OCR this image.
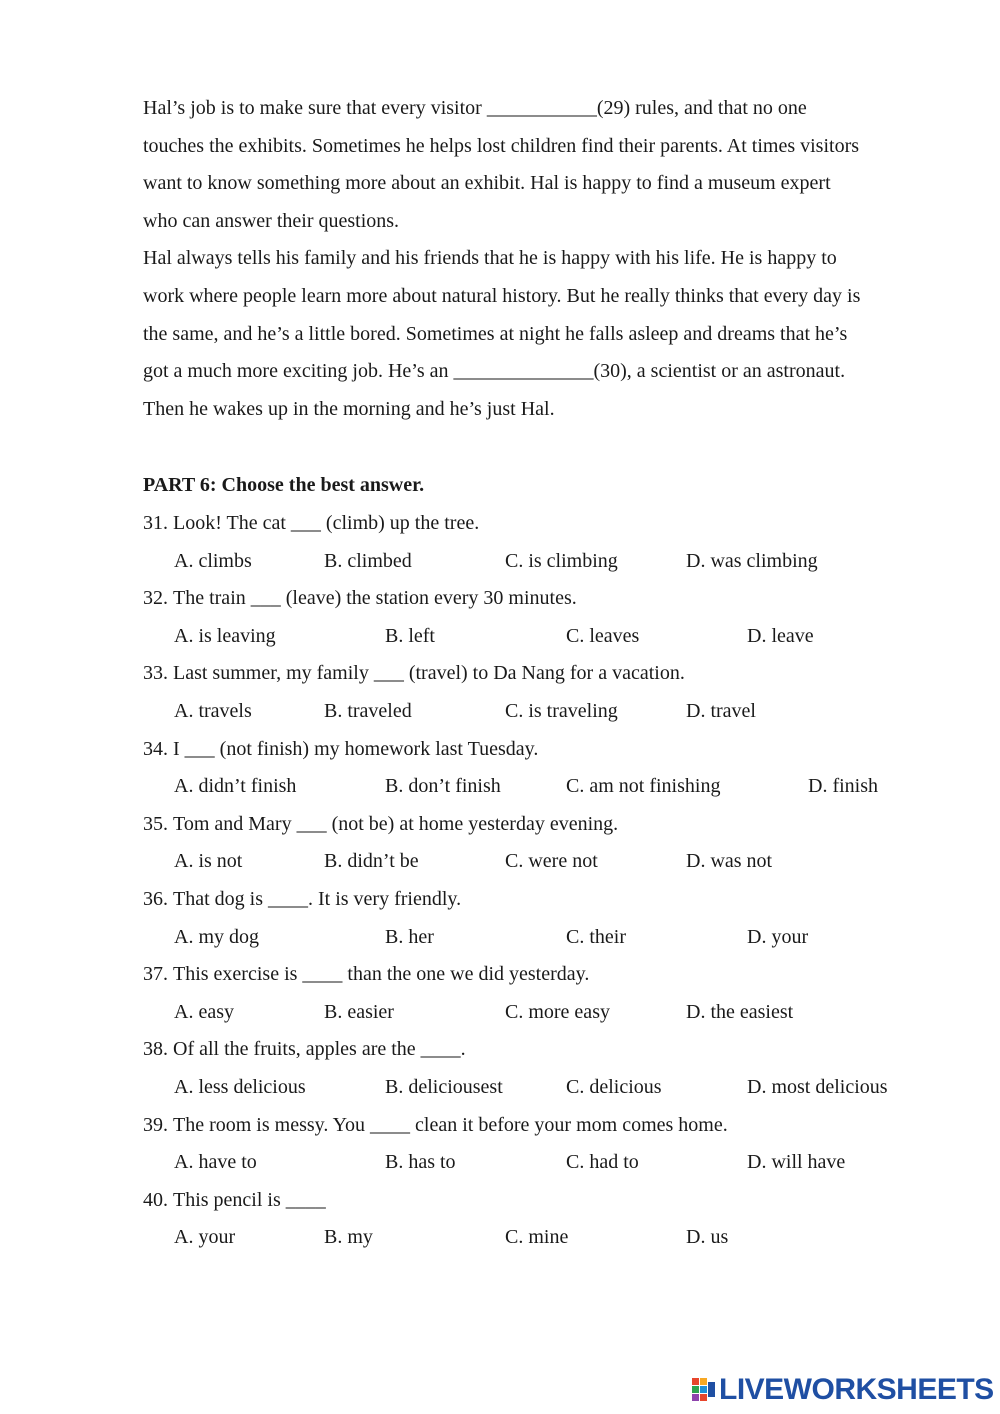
Hal’s job is to make sure that every visitor ___________(29) rules, and that no one
touches the exhibits. Sometimes he helps lost children find their parents. At times visitors
want to know something more about an exhibit. Hal is happy to find a museum expert
who can answer their questions.
Hal always tells his family and his friends that he is happy with his life. He is happy to
work where people learn more about natural history. But he really thinks that every day is
the same, and he’s a little bored. Sometimes at night he falls asleep and dreams that he’s
got a much more exciting job. He’s an ______________(30), a scientist or an astronaut.
Then he wakes up in the morning and he’s just Hal.
PART 6: Choose the best answer.
31. Look! The cat ___ (climb) up the tree.
A. climbs	B. climbed	C. is climbing	D. was climbing
32. The train ___ (leave) the station every 30 minutes.
A. is leaving	B. left	C. leaves	D. leave
33. Last summer, my family ___ (travel) to Da Nang for a vacation.
A. travels	B. traveled	C. is traveling	D. travel
34. I ___ (not finish) my homework last Tuesday.
A. didn’t finish	B. don’t finish	C. am not finishing	D. finish
35. Tom and Mary ___ (not be) at home yesterday evening.
A. is not	B. didn’t be	C. were not	D. was not
36. That dog is ____. It is very friendly.
A. my dog	B. her	C. their	D. your
37. This exercise is ____ than the one we did yesterday.
A. easy	B. easier	C. more easy	D. the easiest
38. Of all the fruits, apples are the ____.
A. less delicious	B. deliciousest	C. delicious	D. most delicious
39. The room is messy. You ____ clean it before your mom comes home.
A. have to	B. has to	C. had to	D. will have
40. This pencil is ____
A. your	B. my	C. mine	D. us
LIVEWORKSHEETS
